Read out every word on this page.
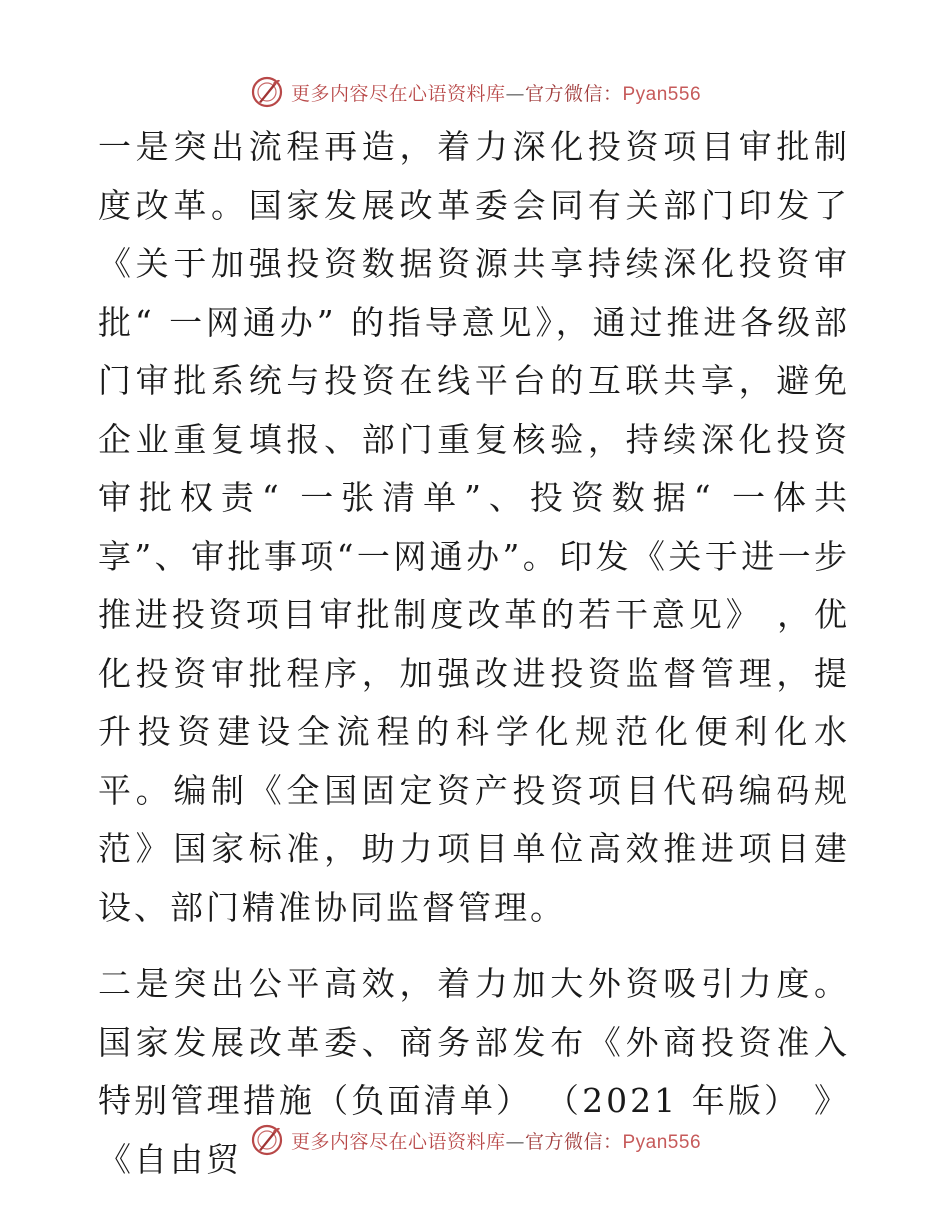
更多内容尽在心语资料库—官方微信：Pyan556

一是突出流程再造，着力深化投资项目审批制度改革。国家发展改革委会同有关部门印发了《关于加强投资数据资源共享持续深化投资审批“ 一网通办” 的指导意见》，通过推进各级部门审批系统与投资在线平台的互联共享，避免企业重复填报、部门重复核验，持续深化投资审批权责“ 一张清单”、投资数据“ 一体共享”、审批事项“一网通办”。印发《关于进一步推进投资项目审批制度改革的若干意见》 ，优化投资审批程序，加强改进投资监督管理，提升投资建设全流程的科学化规范化便利化水平。编制《全国固定资产投资项目代码编码规范》国家标准，助力项目单位高效推进项目建设、部门精准协同监督管理。

二是突出公平高效，着力加大外资吸引力度。国家发展改革委、商务部发布《外商投资准入特别管理措施（负面清单） （2021 年版） 》 《自由贸	更多内容尽在心语资料库—官方微信：Pyan556
